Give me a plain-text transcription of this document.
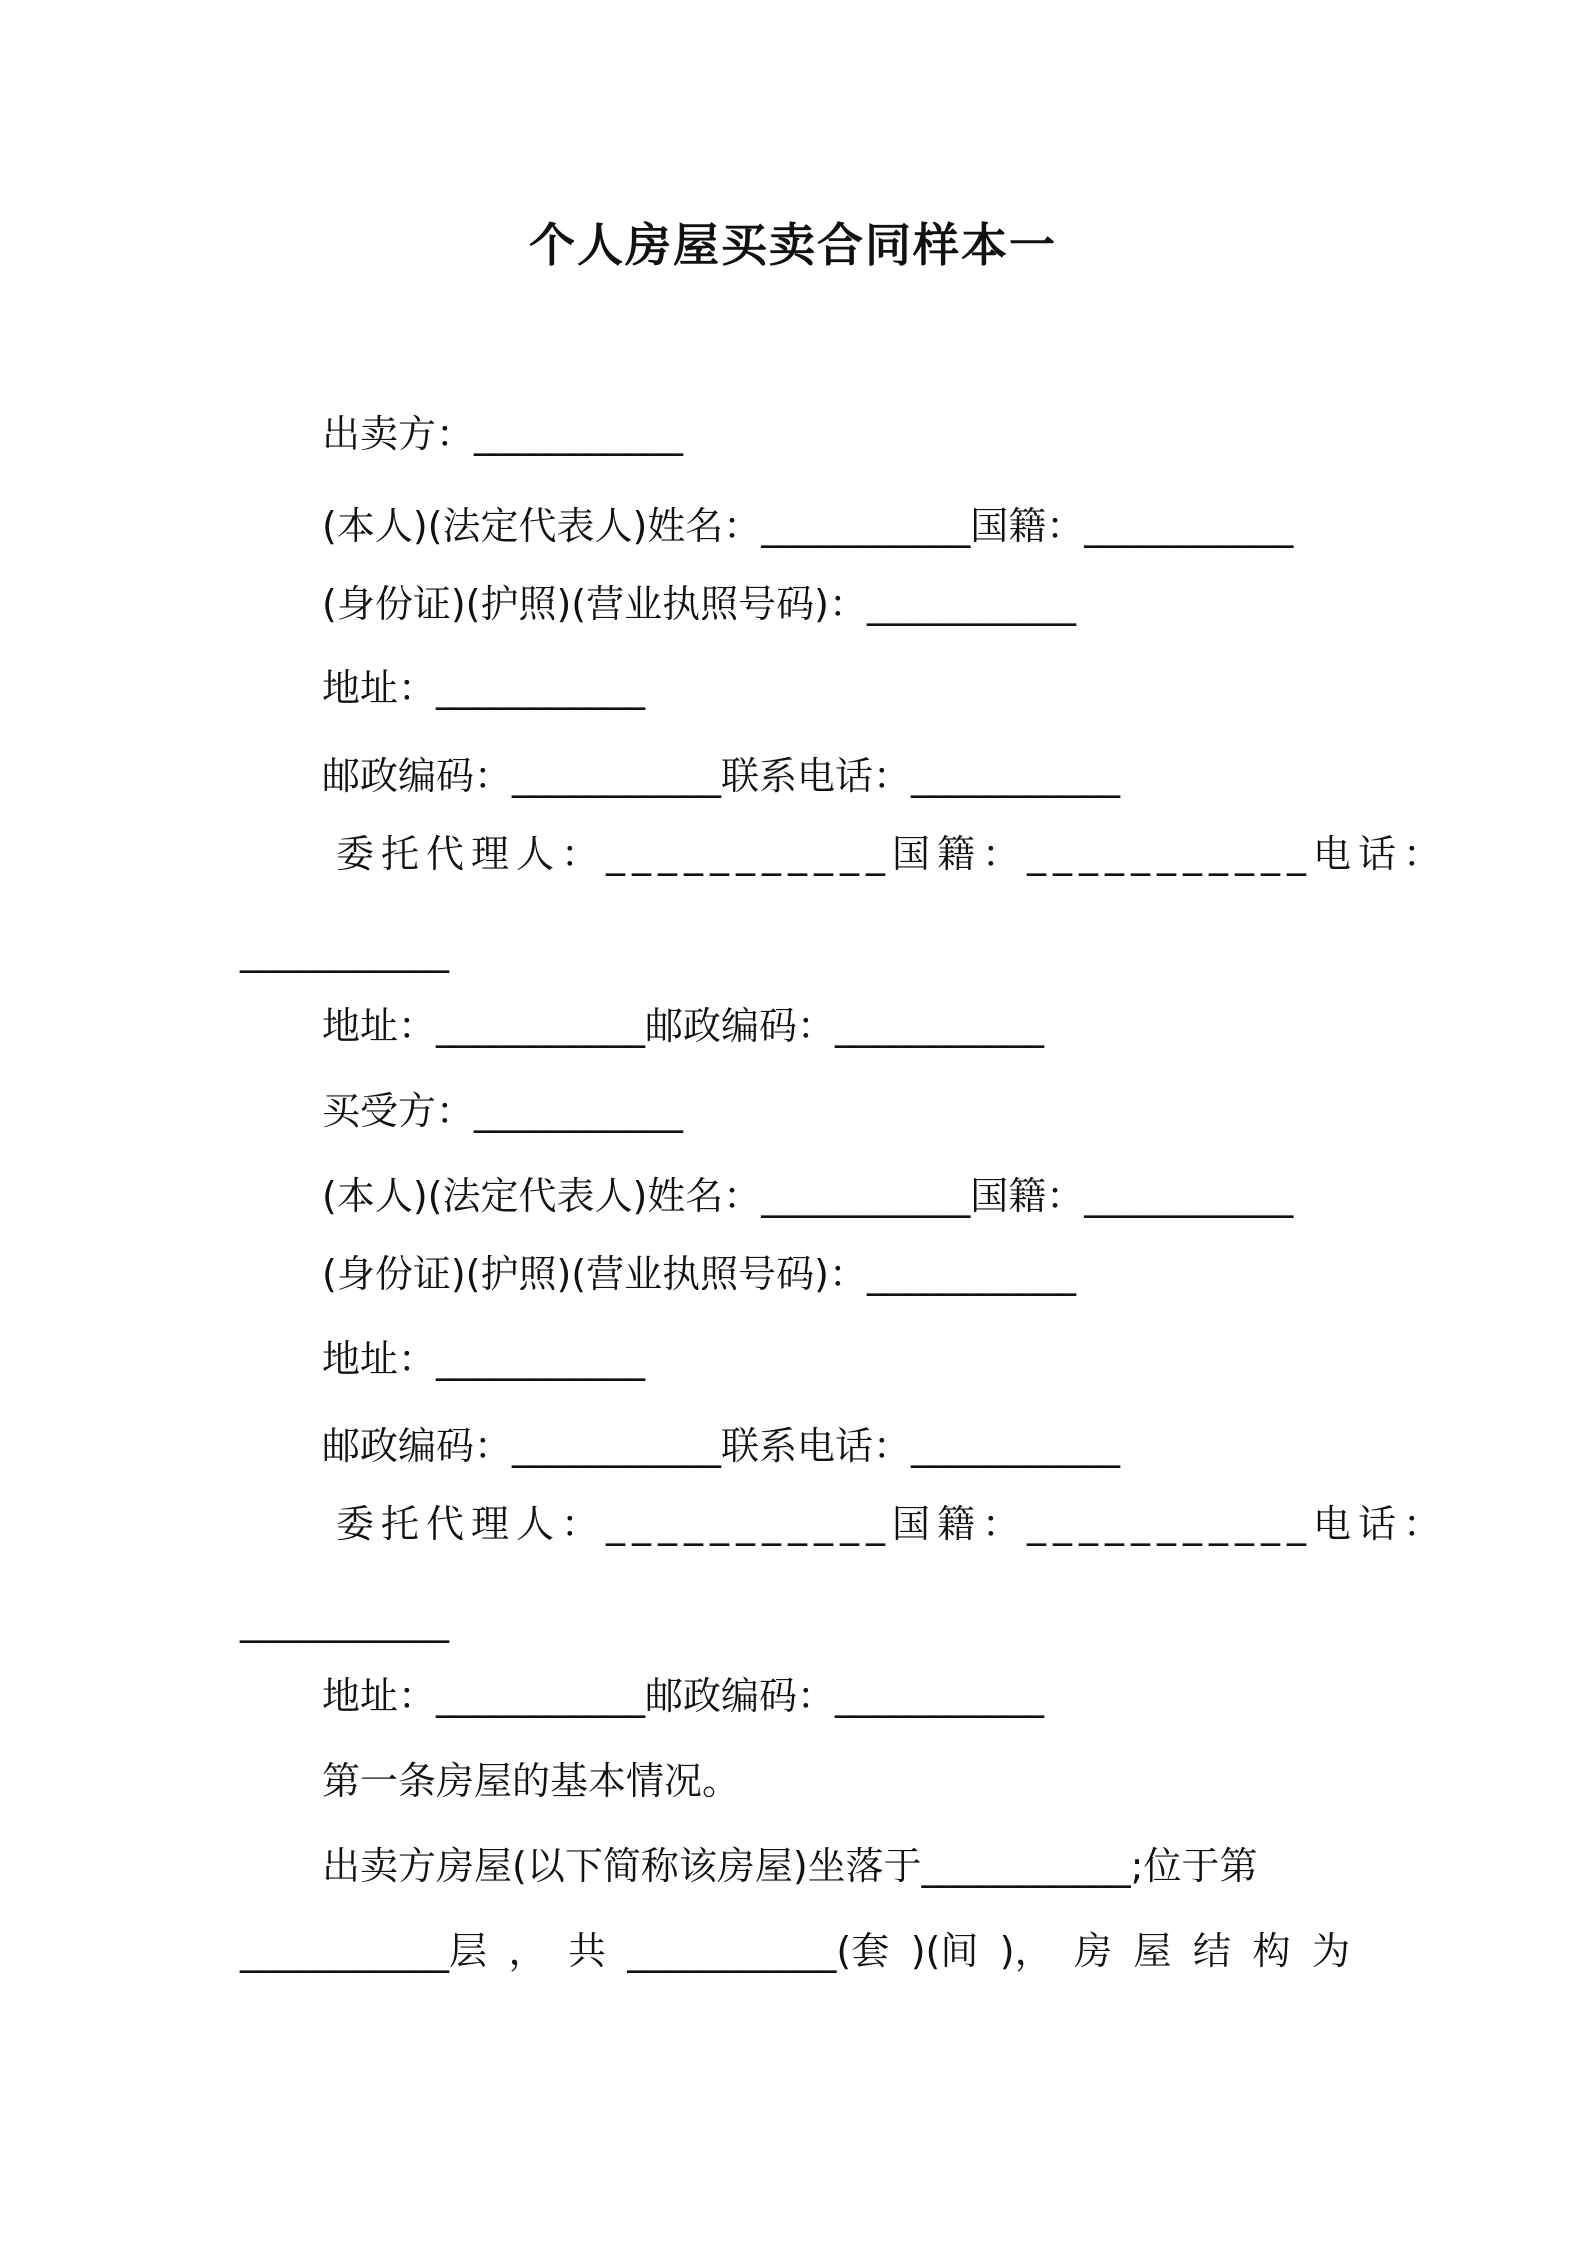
个人房屋买卖合同样本一
出卖方：___________
(本人)(法定代表人)姓名：___________国籍：___________
(身份证)(护照)(营业执照号码)：___________
地址：___________
邮政编码：___________联系电话：___________
委托代理人：___________国籍：___________电话：
___________
地址：___________邮政编码：___________
买受方：___________
(本人)(法定代表人)姓名：___________国籍：___________
(身份证)(护照)(营业执照号码)：___________
地址：___________
邮政编码：___________联系电话：___________
委托代理人：___________国籍：___________电话：
___________
地址：___________邮政编码：___________
第一条房屋的基本情况。
出卖方房屋(以下简称该房屋)坐落于___________;位于第
___________层 ， 共 ___________(套 )(间 )， 房 屋 结 构 为
